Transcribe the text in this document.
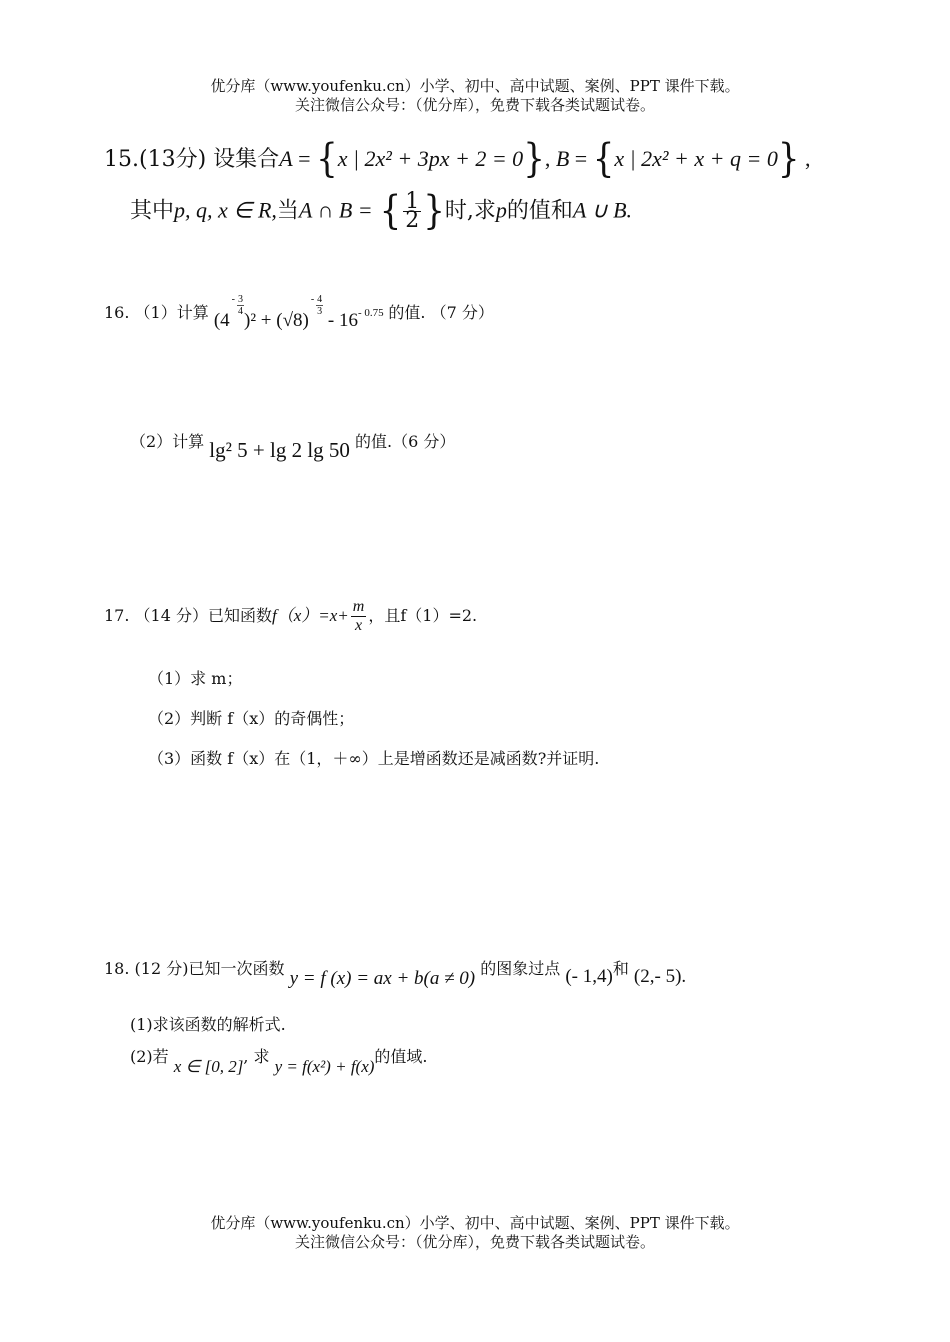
优分库（www.youfenku.cn）小学、初中、高中试题、案例、PPT 课件下载。
关注微信公众号：（优分库），免费下载各类试题试卷。
15.(13分) 设集合A = {x | 2x² + 3px + 2 = 0}, B = {x | 2x² + x + q = 0} ,
其中p, q, x ∈ R,当A ∩ B = { $\frac{1}{2}$ }时,求p的值和A ∪ B.
16. （1）计算 (4
- $\frac{3}{4}$
)² + (√8)
- $\frac{4}{3}$
- $16^{- 0.75}$ 的值. （7 分）
（2）计算 lg² 5 + lg 2 lg 50 的值.（6 分）
17. （14 分）已知函数$f(x)=x+ \frac{m}{x}$ ，且f（1）=2.
（1）求 m；
（2）判断 f（x）的奇偶性；
（3）函数 f（x）在（1，＋∞）上是增函数还是减函数?并证明.
18. (12 分)已知一次函数 y = f (x) = ax + b(a ≠ 0) 的图象过点 (- 1,4)和 (2,- 5).
(1)求该函数的解析式.
(2)若 x ∈ [0, 2], 求 y = f(x²) + f(x)的值域.
优分库（www.youfenku.cn）小学、初中、高中试题、案例、PPT 课件下载。
关注微信公众号：（优分库），免费下载各类试题试卷。
